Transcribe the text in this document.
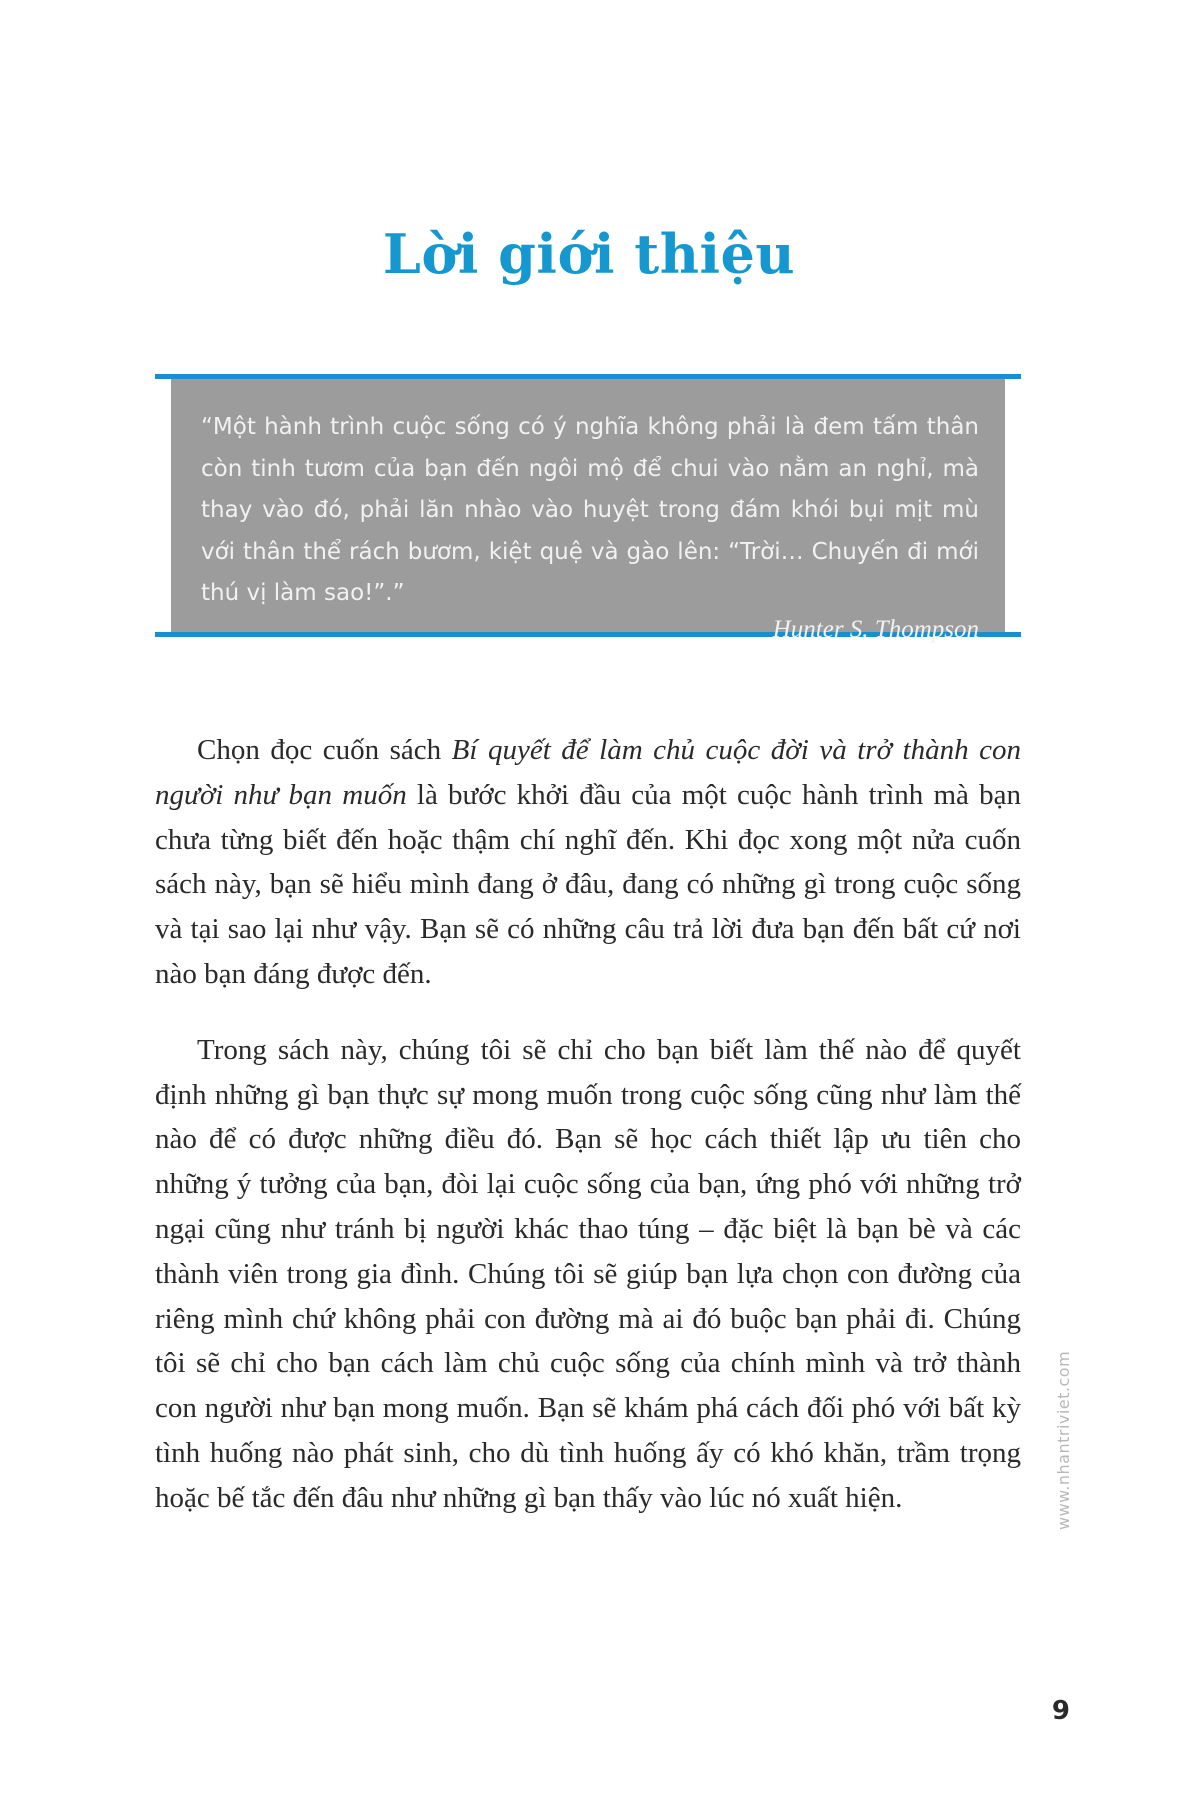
Lời giới thiệu
“Một hành trình cuộc sống có ý nghĩa không phải là đem tấm thân còn tinh tươm của bạn đến ngôi mộ để chui vào nằm an nghỉ, mà thay vào đó, phải lăn nhào vào huyệt trong đám khói bụi mịt mù với thân thể rách bươm, kiệt quệ và gào lên: “Trời… Chuyến đi mới thú vị làm sao!”.”
Hunter S. Thompson

Chọn đọc cuốn sách Bí quyết để làm chủ cuộc đời và trở thành con người như bạn muốn là bước khởi đầu của một cuộc hành trình mà bạn chưa từng biết đến hoặc thậm chí nghĩ đến. Khi đọc xong một nửa cuốn sách này, bạn sẽ hiểu mình đang ở đâu, đang có những gì trong cuộc sống và tại sao lại như vậy. Bạn sẽ có những câu trả lời đưa bạn đến bất cứ nơi nào bạn đáng được đến.

Trong sách này, chúng tôi sẽ chỉ cho bạn biết làm thế nào để quyết định những gì bạn thực sự mong muốn trong cuộc sống cũng như làm thế nào để có được những điều đó. Bạn sẽ học cách thiết lập ưu tiên cho những ý tưởng của bạn, đòi lại cuộc sống của bạn, ứng phó với những trở ngại cũng như tránh bị người khác thao túng – đặc biệt là bạn bè và các thành viên trong gia đình. Chúng tôi sẽ giúp bạn lựa chọn con đường của riêng mình chứ không phải con đường mà ai đó buộc bạn phải đi. Chúng tôi sẽ chỉ cho bạn cách làm chủ cuộc sống của chính mình và trở thành con người như bạn mong muốn. Bạn sẽ khám phá cách đối phó với bất kỳ tình huống nào phát sinh, cho dù tình huống ấy có khó khăn, trầm trọng hoặc bế tắc đến đâu như những gì bạn thấy vào lúc nó xuất hiện.	www.nhantriviet.com
9
